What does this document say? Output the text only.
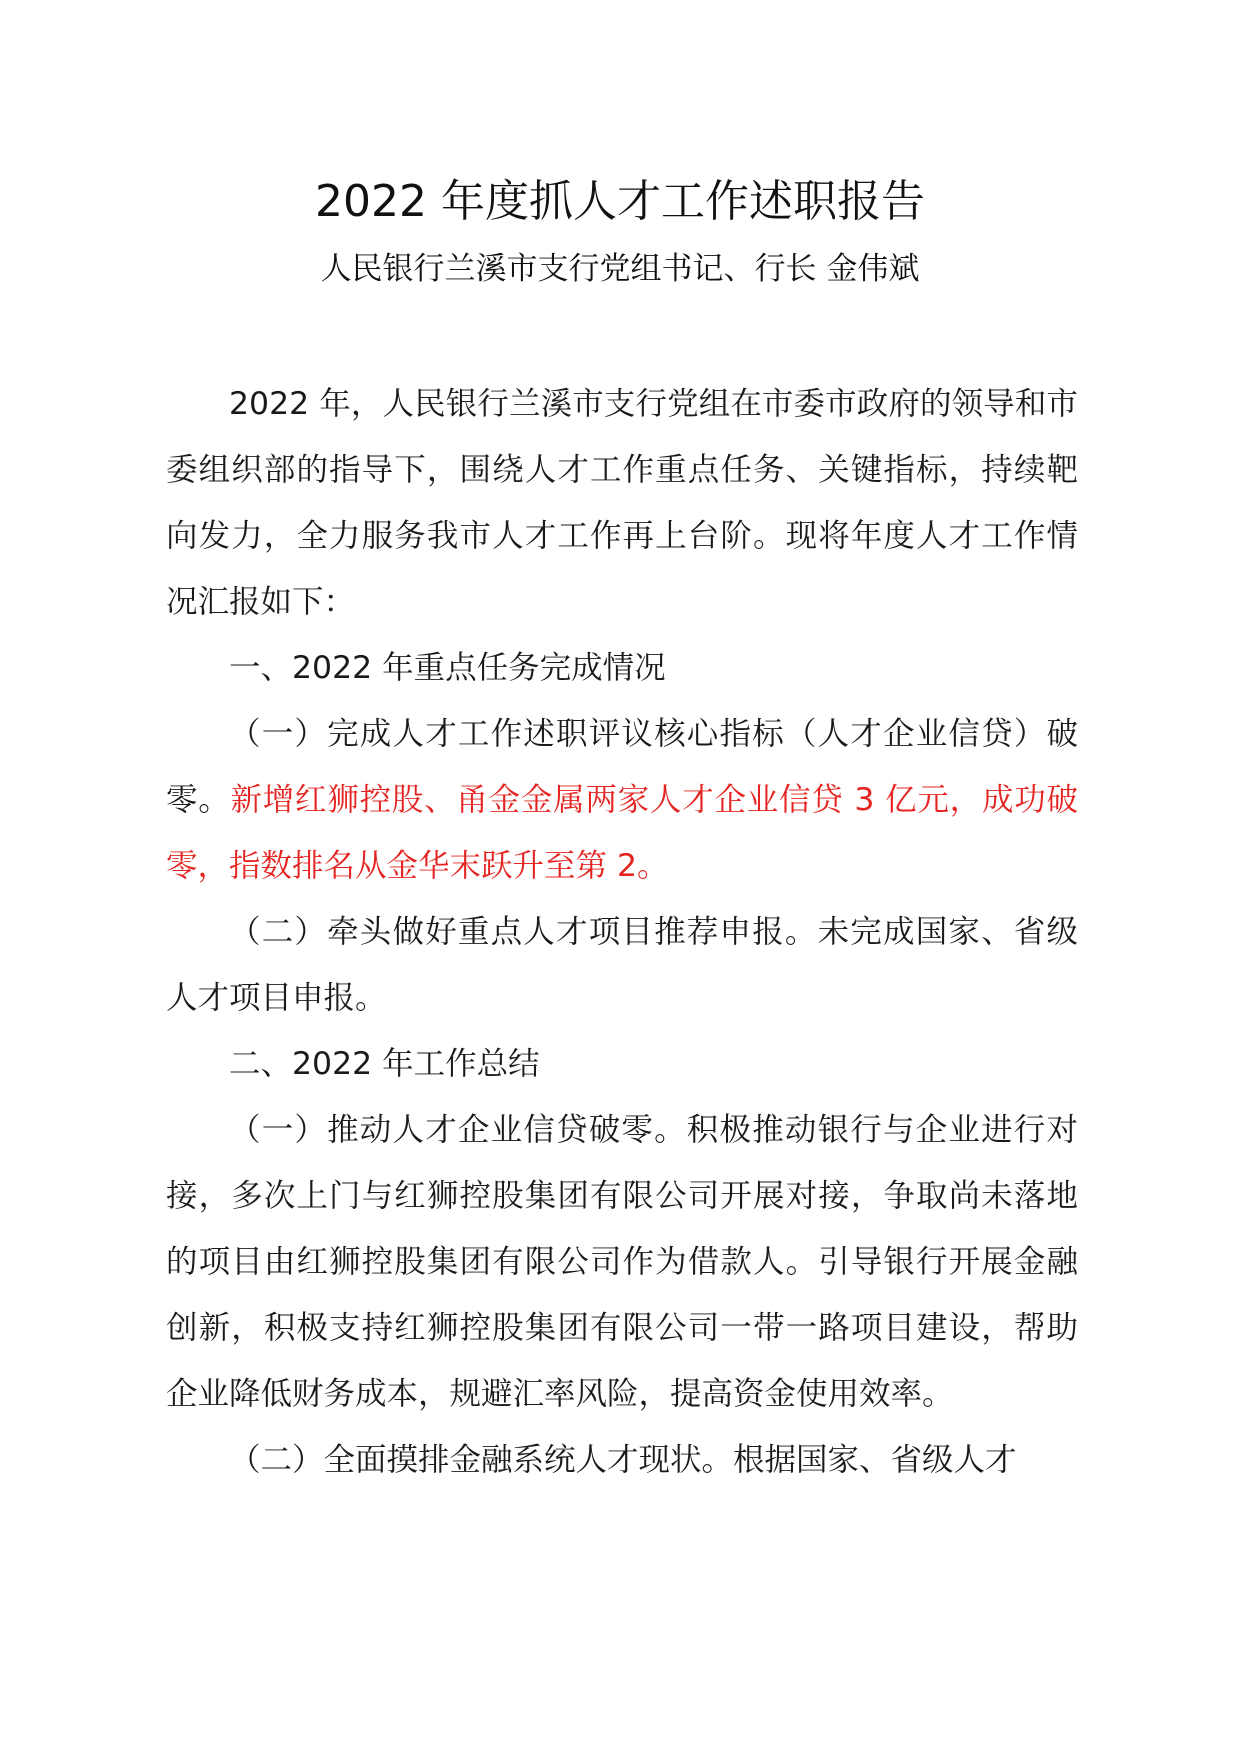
2022 年度抓人才工作述职报告
人民银行兰溪市支行党组书记、行长 金伟斌

2022 年，人民银行兰溪市支行党组在市委市政府的领导和市委组织部的指导下，围绕人才工作重点任务、关键指标，持续靶向发力，全力服务我市人才工作再上台阶。现将年度人才工作情况汇报如下：

一、2022 年重点任务完成情况

（一）完成人才工作述职评议核心指标（人才企业信贷）破零。新增红狮控股、甬金金属两家人才企业信贷 3 亿元，成功破零，指数排名从金华末跃升至第 2。

（二）牵头做好重点人才项目推荐申报。未完成国家、省级人才项目申报。

二、2022 年工作总结

（一）推动人才企业信贷破零。积极推动银行与企业进行对接，多次上门与红狮控股集团有限公司开展对接，争取尚未落地的项目由红狮控股集团有限公司作为借款人。引导银行开展金融创新，积极支持红狮控股集团有限公司一带一路项目建设，帮助企业降低财务成本，规避汇率风险，提高资金使用效率。

（二）全面摸排金融系统人才现状。根据国家、省级人才
